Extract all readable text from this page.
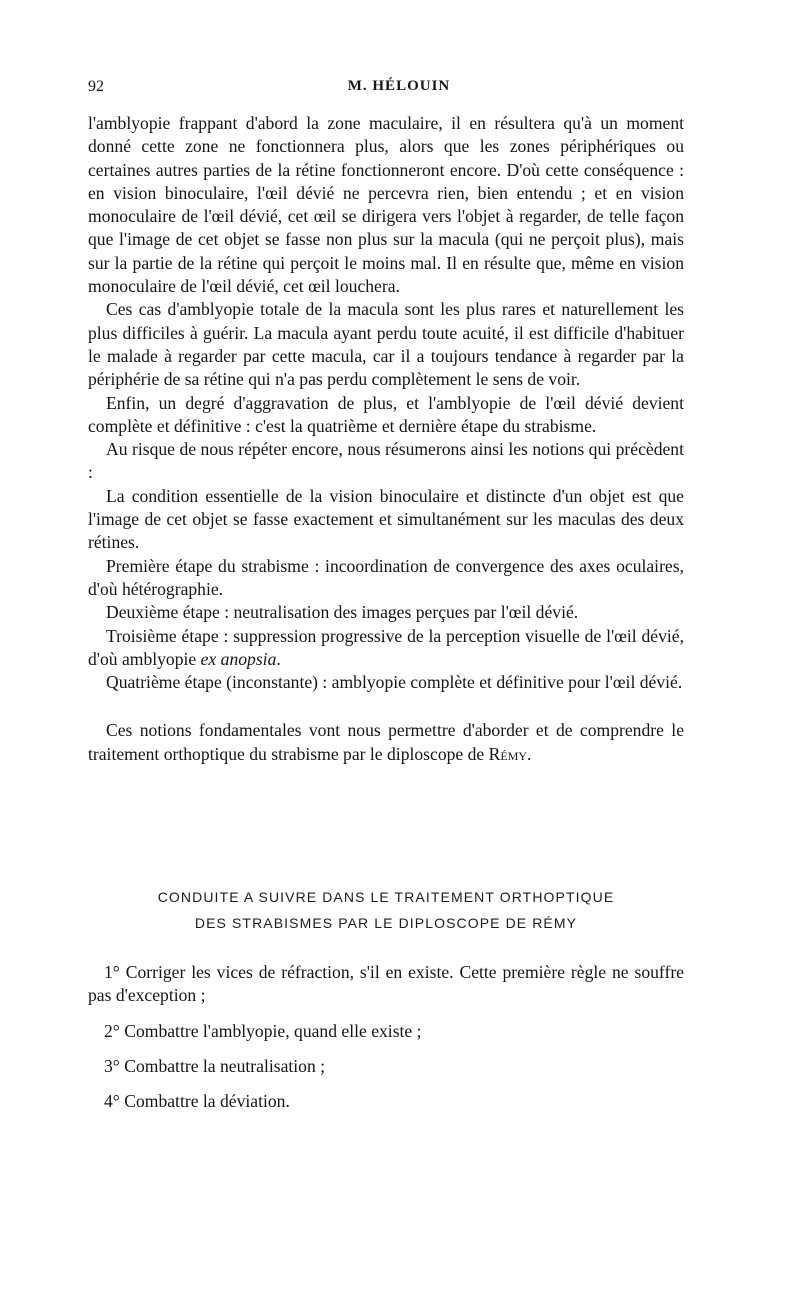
92	M. HÉLOUIN

l'amblyopie frappant d'abord la zone maculaire, il en résultera qu'à un moment donné cette zone ne fonctionnera plus, alors que les zones périphériques ou certaines autres parties de la rétine fonctionneront encore. D'où cette conséquence : en vision binoculaire, l'œil dévié ne percevra rien, bien entendu ; et en vision monoculaire de l'œil dévié, cet œil se dirigera vers l'objet à regarder, de telle façon que l'image de cet objet se fasse non plus sur la macula (qui ne perçoit plus), mais sur la partie de la rétine qui perçoit le moins mal. Il en résulte que, même en vision monoculaire de l'œil dévié, cet œil louchera.

Ces cas d'amblyopie totale de la macula sont les plus rares et naturellement les plus difficiles à guérir. La macula ayant perdu toute acuité, il est difficile d'habituer le malade à regarder par cette macula, car il a toujours tendance à regarder par la périphérie de sa rétine qui n'a pas perdu complètement le sens de voir.

Enfin, un degré d'aggravation de plus, et l'amblyopie de l'œil dévié devient complète et définitive : c'est la quatrième et dernière étape du strabisme.

Au risque de nous répéter encore, nous résumerons ainsi les notions qui précèdent :

La condition essentielle de la vision binoculaire et distincte d'un objet est que l'image de cet objet se fasse exactement et simultanément sur les maculas des deux rétines.

Première étape du strabisme : incoordination de convergence des axes oculaires, d'où hétérographie.

Deuxième étape : neutralisation des images perçues par l'œil dévié.

Troisième étape : suppression progressive de la perception visuelle de l'œil dévié, d'où amblyopie ex anopsia.

Quatrième étape (inconstante) : amblyopie complète et définitive pour l'œil dévié.

Ces notions fondamentales vont nous permettre d'aborder et de comprendre le traitement orthoptique du strabisme par le diploscope de Rémy.

CONDUITE A SUIVRE DANS LE TRAITEMENT ORTHOPTIQUE
DES STRABISMES PAR LE DIPLOSCOPE DE RÉMY

1° Corriger les vices de réfraction, s'il en existe. Cette première règle ne souffre pas d'exception ;

2° Combattre l'amblyopie, quand elle existe ;

3° Combattre la neutralisation ;

4° Combattre la déviation.
